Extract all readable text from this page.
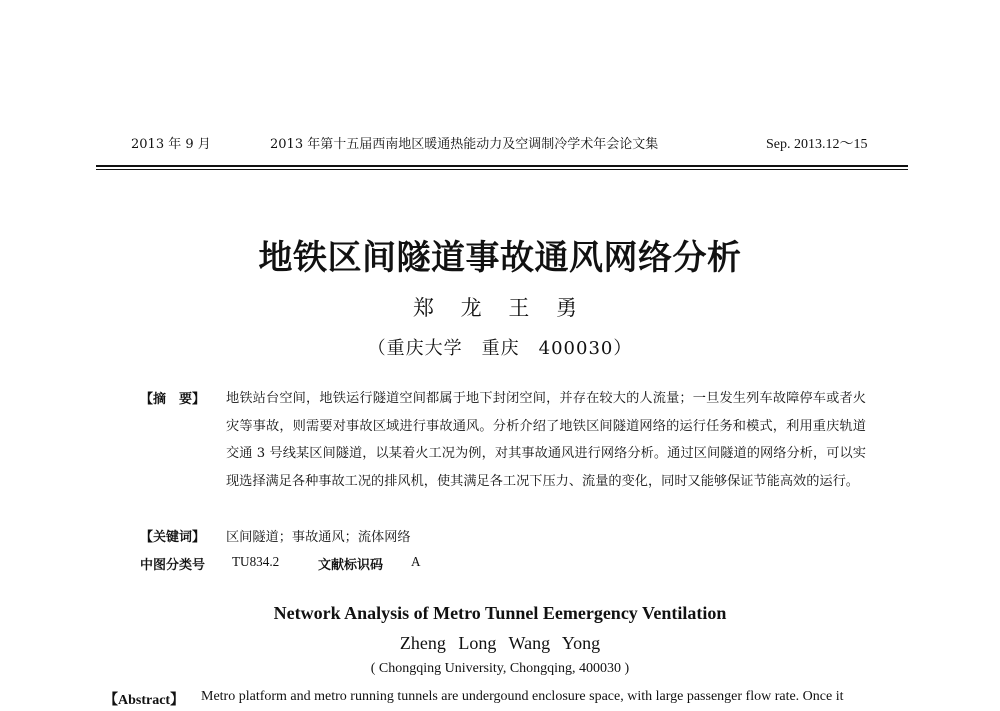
2013 年 9 月	2013 年第十五届西南地区暖通热能动力及空调制冷学术年会论文集	Sep. 2013.12～15
地铁区间隧道事故通风网络分析
郑 龙 王 勇
（重庆大学　重庆　400030）
【摘　要】 地铁站台空间，地铁运行隧道空间都属于地下封闭空间，并存在较大的人流量；一旦发生列车故障停车或者火灾等事故，则需要对事故区域进行事故通风。分析介绍了地铁区间隧道网络的运行任务和模式，利用重庆轨道交通 3 号线某区间隧道，以某着火工况为例，对其事故通风进行网络分析。通过区间隧道的网络分析，可以实现选择满足各种事故工况的排风机，使其满足各工况下压力、流量的变化，同时又能够保证节能高效的运行。
【关键词】 区间隧道；事故通风；流体网络
中图分类号 TU834.2	文献标识码 A
Network Analysis of Metro Tunnel Eemergency Ventilation
Zheng Long Wang Yong
( Chongqing University, Chongqing, 400030 )
【Abstract】 Metro platform and metro running tunnels are undergound enclosure space, with large passenger flow rate. Once it
